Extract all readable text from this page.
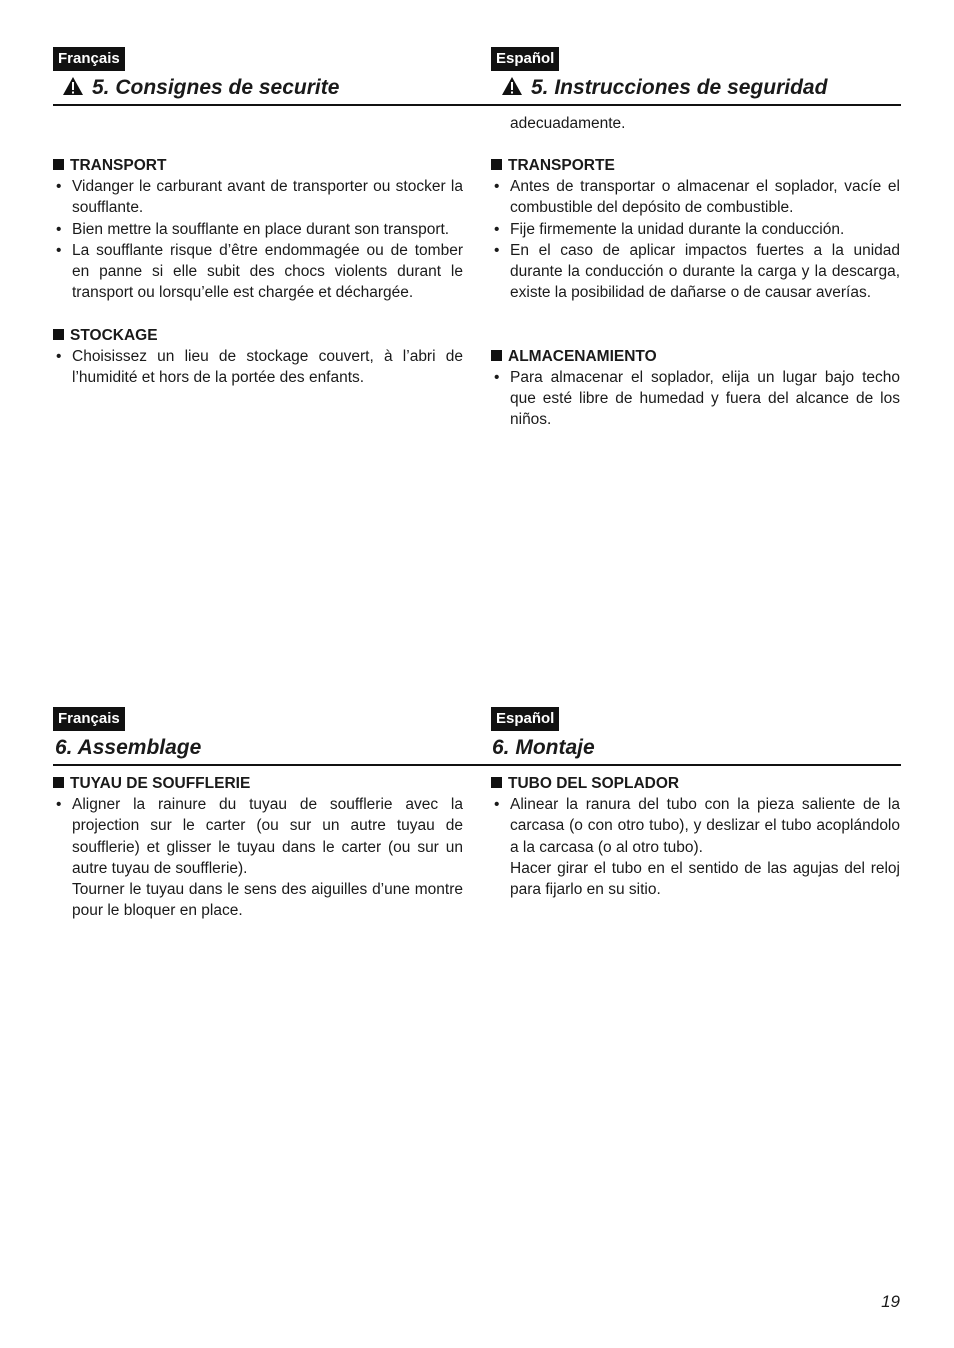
Français	Español
5. Consignes de securite	5. Instrucciones de seguridad

TRANSPORT

• Vidanger le carburant avant de transporter ou stocker la soufflante.
• Bien mettre la soufflante en place durant son transport.
• La soufflante risque d’être endommagée ou de tomber en panne si elle subit des chocs violents durant le transport ou lorsqu’elle est chargée et déchargée.

STOCKAGE

• Choisissez un lieu de stockage couvert, à l’abri de l’humidité et hors de la portée des enfants.
adecuadamente.

TRANSPORTE

• Antes de transportar o almacenar el soplador, vacíe el combustible del depósito de combustible.
• Fije firmemente la unidad durante la conducción.
• En el caso de aplicar impactos fuertes a la unidad durante la conducción o durante la carga y la descarga, existe la posibilidad de dañarse o de causar averías.

ALMACENAMIENTO

• Para almacenar el soplador, elija un lugar bajo techo que esté libre de humedad y fuera del alcance de los niños.
Français	Español
6. Assemblage	6. Montaje

TUYAU DE SOUFFLERIE

• Aligner la rainure du tuyau de soufflerie avec la projection sur le carter (ou sur un autre tuyau de soufflerie) et glisser le tuyau dans le carter (ou sur un autre tuyau de soufflerie).
Tourner le tuyau dans le sens des aiguilles d’une montre pour le bloquer en place.

TUBO DEL SOPLADOR

• Alinear la ranura del tubo con la pieza saliente de la carcasa (o con otro tubo), y deslizar el tubo acoplándolo a la carcasa (o al otro tubo).
Hacer girar el tubo en el sentido de las agujas del reloj para fijarlo en su sitio.
19
